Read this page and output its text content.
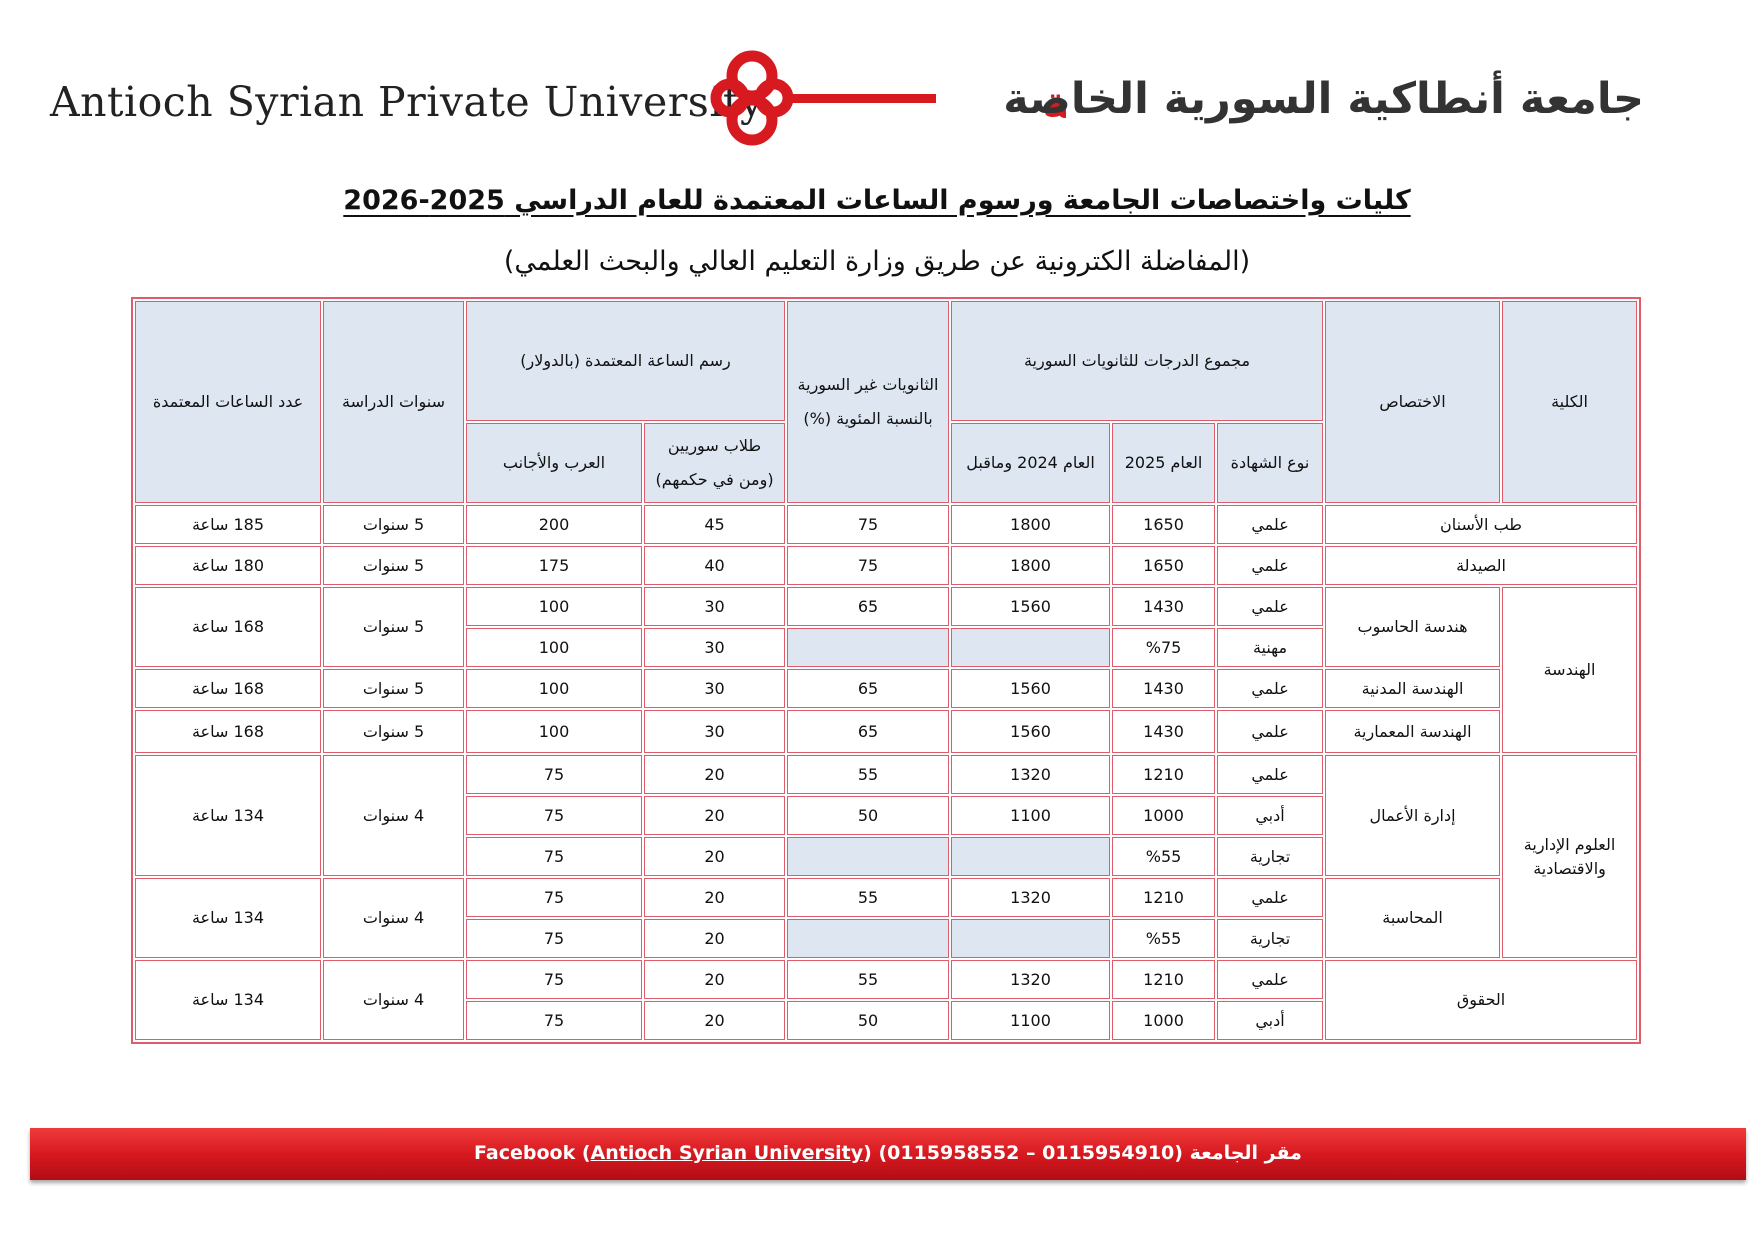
Antioch Syrian Private University	ة
جامعة أنطاكية السورية الخاصة
كليات واختصاصات الجامعة ورسوم الساعات المعتمدة للعام الدراسي 2025-2026
(المفاضلة الكترونية عن طريق وزارة التعليم العالي والبحث العلمي)
الكلية	الاختصاص	مجموع الدرجات للثانويات السورية			الثانويات غير السورية بالنسبة المئوية (%)	رسم الساعة المعتمدة (بالدولار)		سنوات الدراسة	عدد الساعات المعتمدة
		نوع الشهادة	العام 2025	العام 2024 وماقبل		طلاب سوريين (ومن في حكمهم)	العرب والأجانب		
طب الأسنان		علمي	1650	1800	75	45	200	5 سنوات	185 ساعة
الصيدلة		علمي	1650	1800	75	40	175	5 سنوات	180 ساعة
الهندسة	هندسة الحاسوب	علمي	1430	1560	65	30	100	5 سنوات	168 ساعة
		مهنية	%75			30	100		
	الهندسة المدنية	علمي	1430	1560	65	30	100	5 سنوات	168 ساعة
	الهندسة المعمارية	علمي	1430	1560	65	30	100	5 سنوات	168 ساعة
العلوم الإدارية والاقتصادية	إدارة الأعمال	علمي	1210	1320	55	20	75	4 سنوات	134 ساعة
		أدبي	1000	1100	50	20	75		
		تجارية	%55			20	75		
	المحاسبة	علمي	1210	1320	55	20	75	4 سنوات	134 ساعة
		تجارية	%55			20	75		
الحقوق		علمي	1210	1320	55	20	75	4 سنوات	134 ساعة
		أدبي	1000	1100	50	20	75		
مقر الجامعة (0115954910 – 0115958552) Facebook (Antioch Syrian University)
